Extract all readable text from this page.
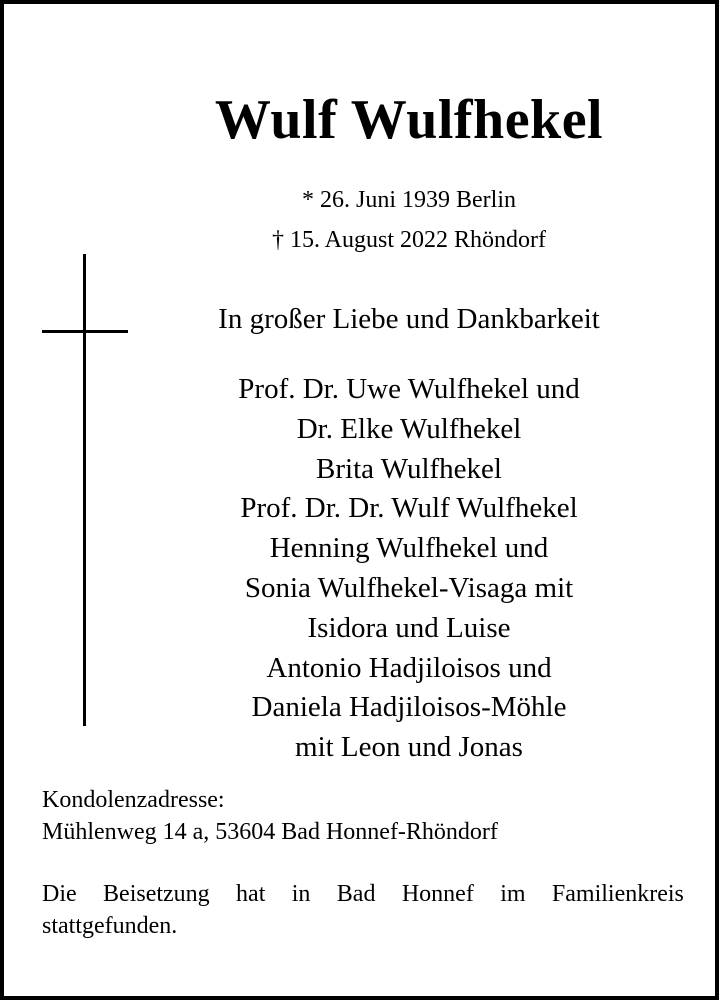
Wulf Wulfhekel
* 26. Juni 1939 Berlin
† 15. August 2022 Rhöndorf
In großer Liebe und Dankbarkeit
Prof. Dr. Uwe Wulfhekel und
Dr. Elke Wulfhekel
Brita Wulfhekel
Prof. Dr. Dr. Wulf Wulfhekel
Henning Wulfhekel und
Sonia Wulfhekel-Visaga mit
Isidora und Luise
Antonio Hadjiloisos und
Daniela Hadjiloisos-Möhle
mit Leon und Jonas
Kondolenzadresse:
Mühlenweg 14 a, 53604 Bad Honnef-Rhöndorf
Die Beisetzung hat in Bad Honnef im Familienkreis
stattgefunden.
